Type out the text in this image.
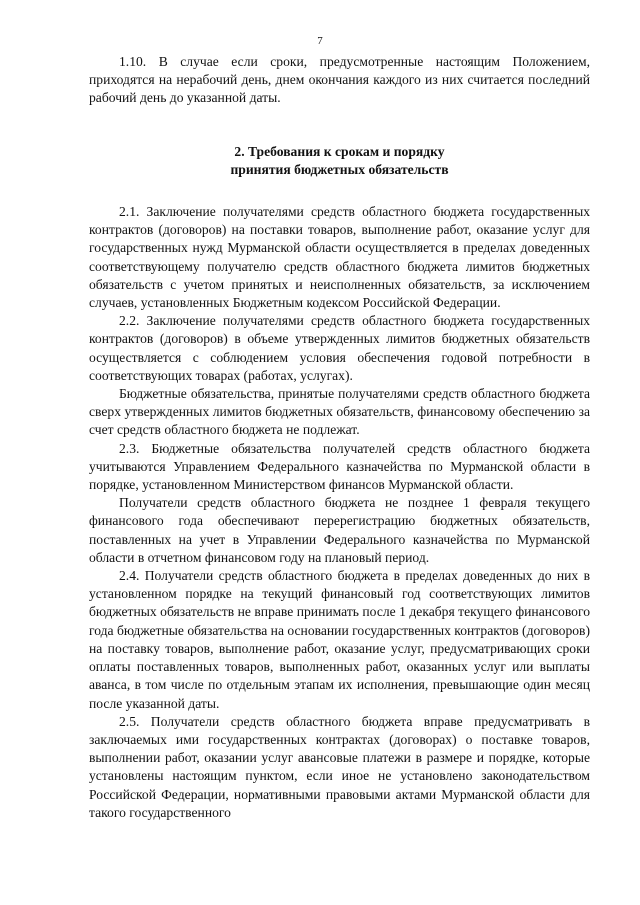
7

1.10. В случае если сроки, предусмотренные настоящим Положением, приходятся на нерабочий день, днем окончания каждого из них считается последний рабочий день до указанной даты.

2. Требования к срокам и порядку
принятия бюджетных обязательств

2.1. Заключение получателями средств областного бюджета государственных контрактов (договоров) на поставки товаров, выполнение работ, оказание услуг для государственных нужд Мурманской области осуществляется в пределах доведенных соответствующему получателю средств областного бюджета лимитов бюджетных обязательств с учетом принятых и неисполненных обязательств, за исключением случаев, установленных Бюджетным кодексом Российской Федерации.

2.2. Заключение получателями средств областного бюджета государственных контрактов (договоров) в объеме утвержденных лимитов бюджетных обязательств осуществляется с соблюдением условия обеспечения годовой потребности в соответствующих товарах (работах, услугах).

Бюджетные обязательства, принятые получателями средств областного бюджета сверх утвержденных лимитов бюджетных обязательств, финансовому обеспечению за счет средств областного бюджета не подлежат.

2.3. Бюджетные обязательства получателей средств областного бюджета учитываются Управлением Федерального казначейства по Мурманской области в порядке, установленном Министерством финансов Мурманской области.

Получатели средств областного бюджета не позднее 1 февраля текущего финансового года обеспечивают перерегистрацию бюджетных обязательств, поставленных на учет в Управлении Федерального казначейства по Мурманской области в отчетном финансовом году на плановый период.

2.4. Получатели средств областного бюджета в пределах доведенных до них в установленном порядке на текущий финансовый год соответствующих лимитов бюджетных обязательств не вправе принимать после 1 декабря текущего финансового года бюджетные обязательства на основании государственных контрактов (договоров) на поставку товаров, выполнение работ, оказание услуг, предусматривающих сроки оплаты поставленных товаров, выполненных работ, оказанных услуг или выплаты аванса, в том числе по отдельным этапам их исполнения, превышающие один месяц после указанной даты.

2.5. Получатели средств областного бюджета вправе предусматривать в заключаемых ими государственных контрактах (договорах) о поставке товаров, выполнении работ, оказании услуг авансовые платежи в размере и порядке, которые установлены настоящим пунктом, если иное не установлено законодательством Российской Федерации, нормативными правовыми актами Мурманской области для такого государственного
